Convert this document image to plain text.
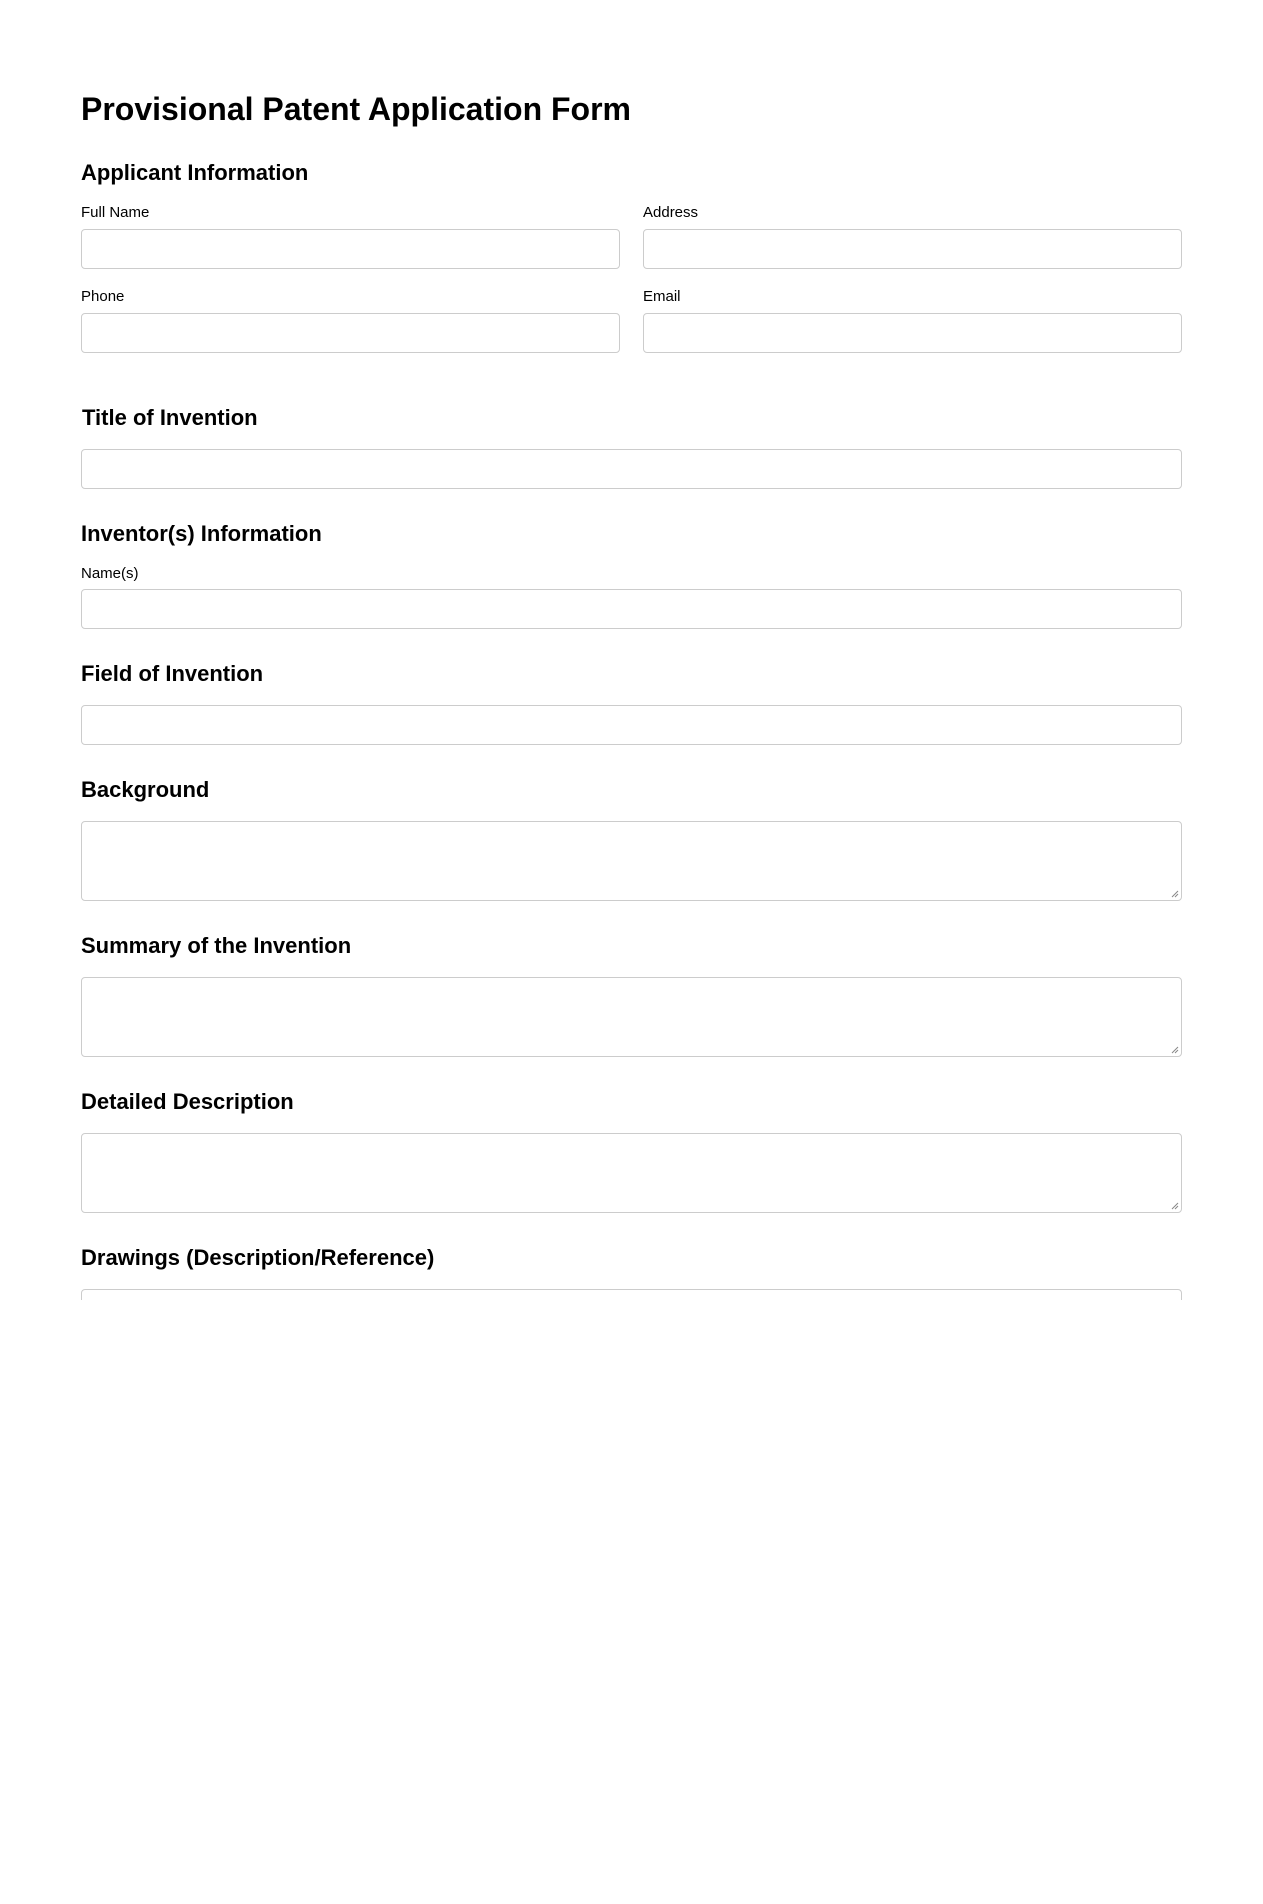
Provisional Patent Application Form
Applicant Information
Full Name	Address
Phone	Email
Title of Invention
Inventor(s) Information
Name(s)
Field of Invention
Background
Summary of the Invention
Detailed Description
Drawings (Description/Reference)
